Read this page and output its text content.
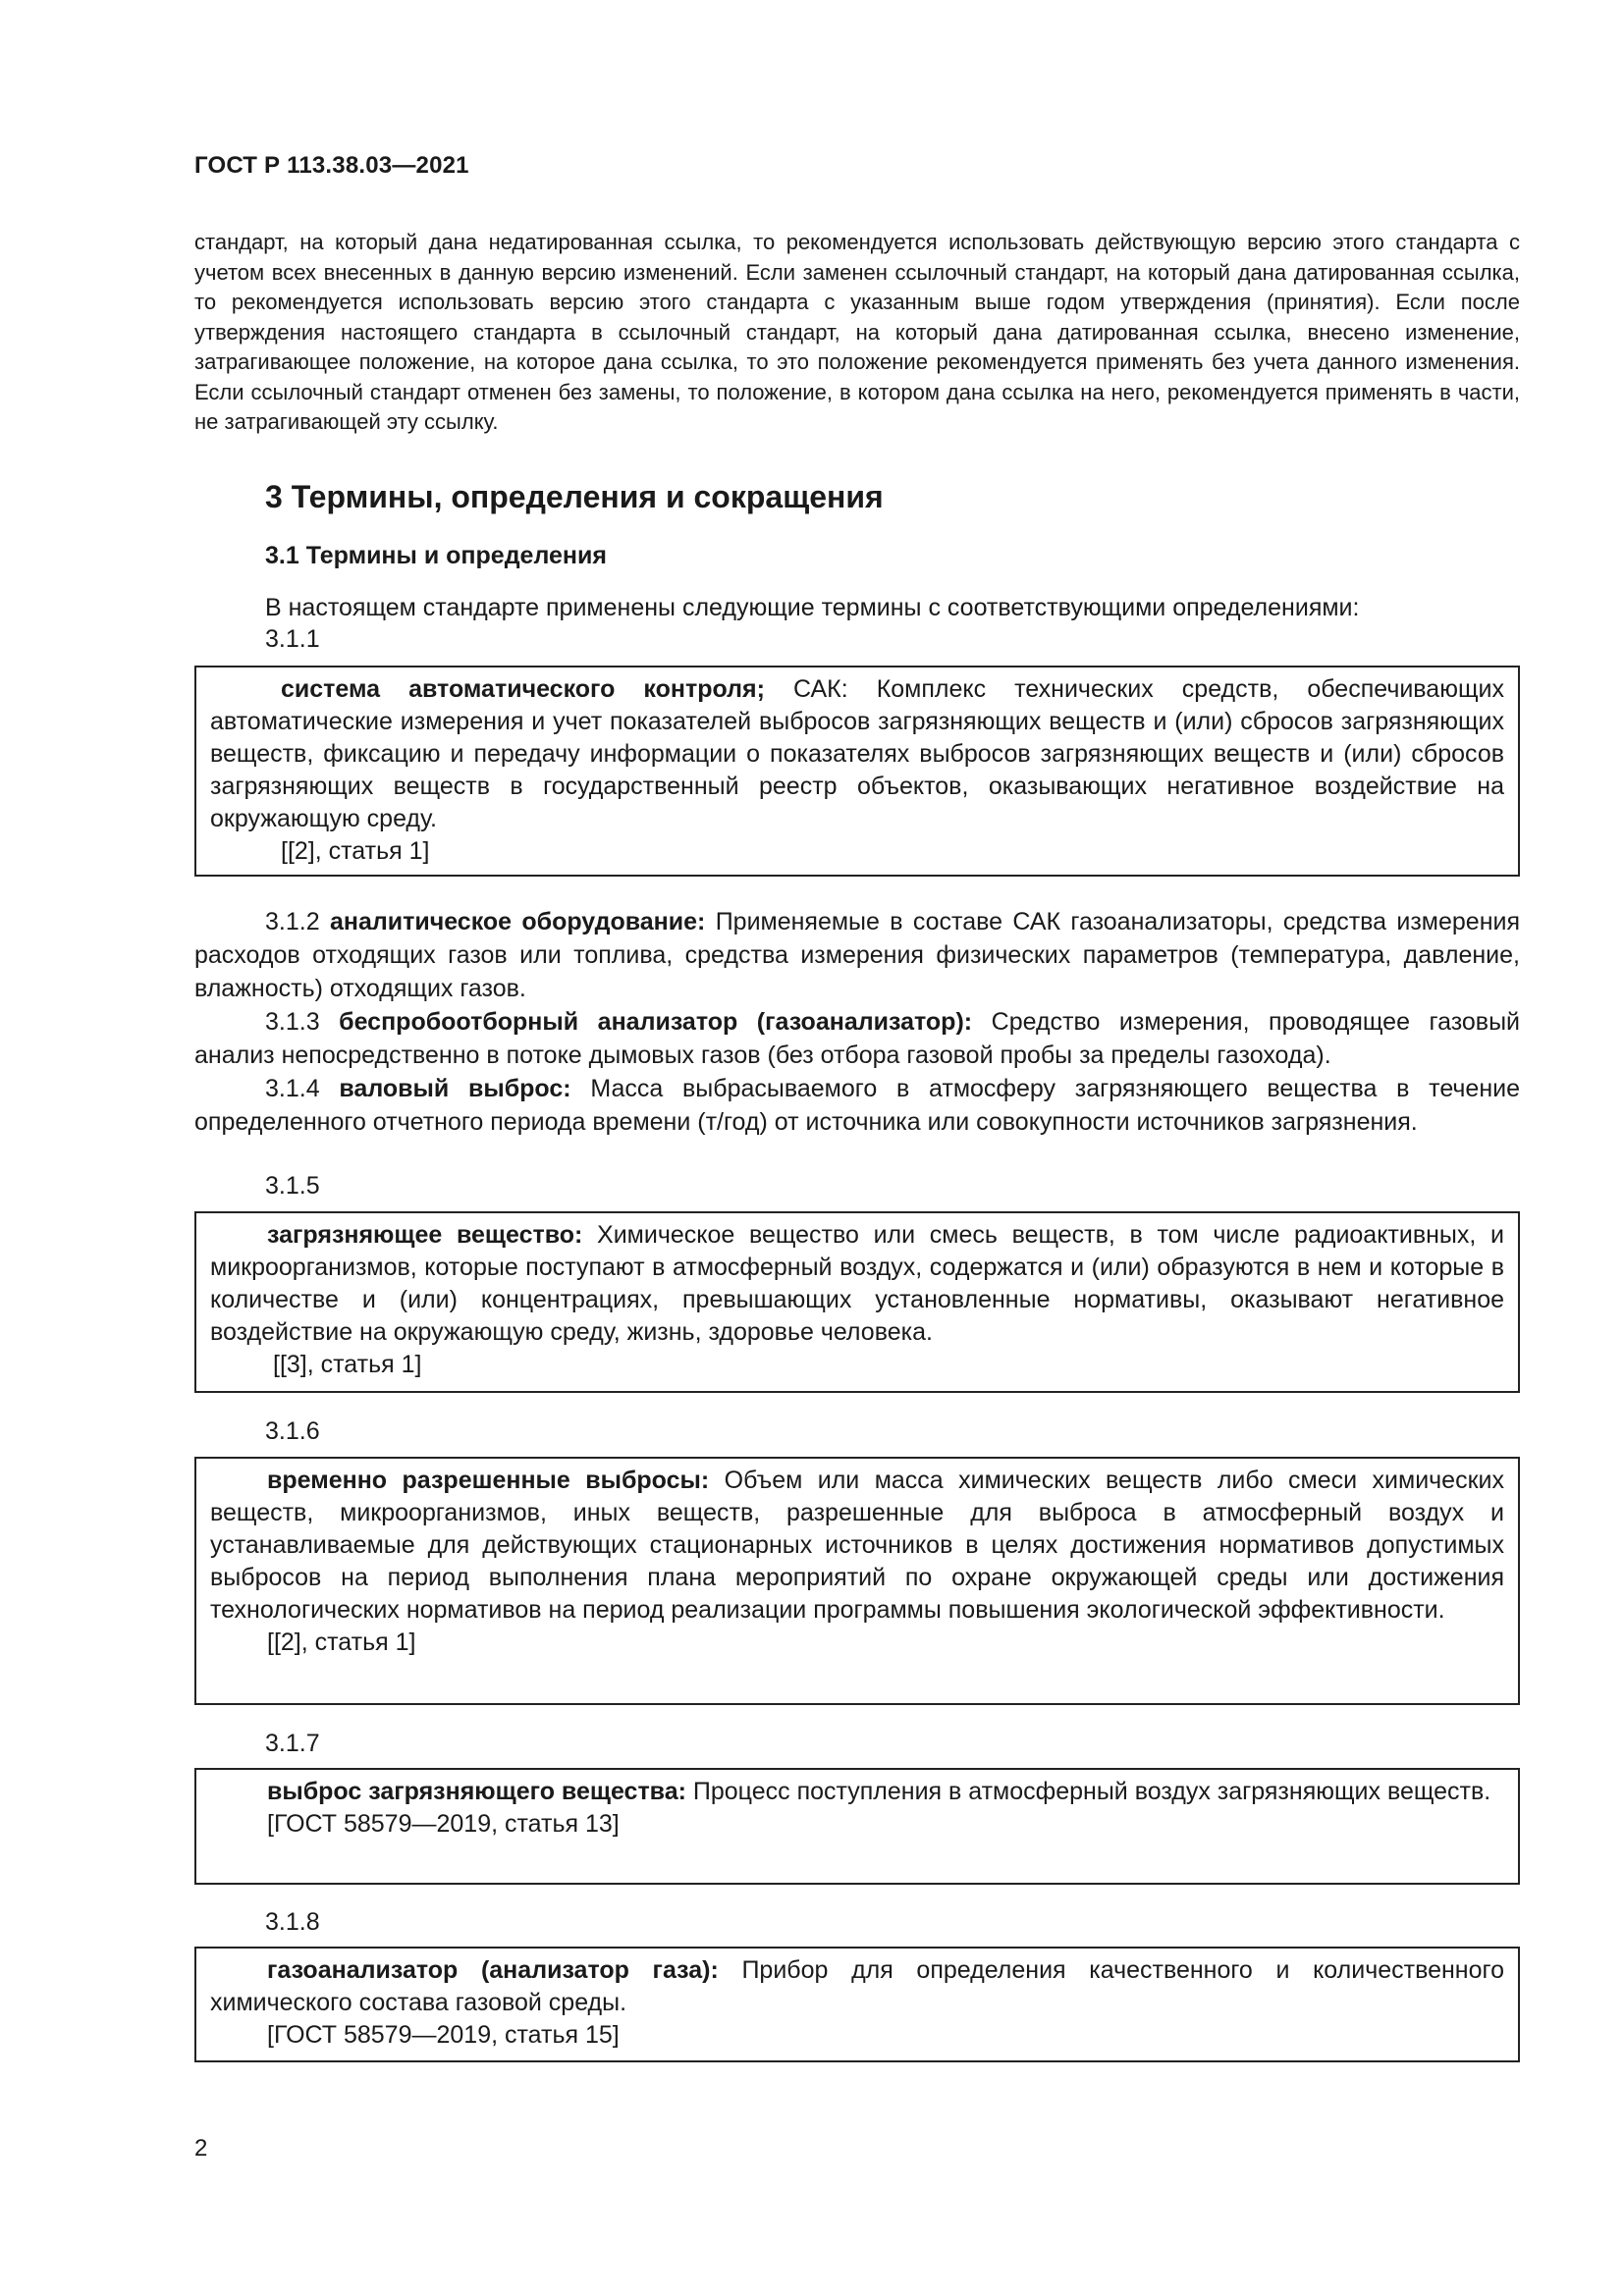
ГОСТ Р 113.38.03—2021
стандарт, на который дана недатированная ссылка, то рекомендуется использовать действующую версию этого стандарта с учетом всех внесенных в данную версию изменений. Если заменен ссылочный стандарт, на который дана датированная ссылка, то рекомендуется использовать версию этого стандарта с указанным выше годом утверждения (принятия). Если после утверждения настоящего стандарта в ссылочный стандарт, на который дана датированная ссылка, внесено изменение, затрагивающее положение, на которое дана ссылка, то это положение рекомендуется применять без учета данного изменения. Если ссылочный стандарт отменен без замены, то положение, в котором дана ссылка на него, рекомендуется применять в части, не затрагивающей эту ссылку.
3 Термины, определения и сокращения
3.1 Термины и определения
В настоящем стандарте применены следующие термины с соответствующими определениями:
3.1.1
система автоматического контроля; САК: Комплекс технических средств, обеспечивающих автоматические измерения и учет показателей выбросов загрязняющих веществ и (или) сбросов загрязняющих веществ, фиксацию и передачу информации о показателях выбросов загрязняющих веществ и (или) сбросов загрязняющих веществ в государственный реестр объектов, оказывающих негативное воздействие на окружающую среду.
[[2], статья 1]
3.1.2 аналитическое оборудование: Применяемые в составе САК газоанализаторы, средства измерения расходов отходящих газов или топлива, средства измерения физических параметров (температура, давление, влажность) отходящих газов.
3.1.3 беспробоотборный анализатор (газоанализатор): Средство измерения, проводящее газовый анализ непосредственно в потоке дымовых газов (без отбора газовой пробы за пределы газохода).
3.1.4 валовый выброс: Масса выбрасываемого в атмосферу загрязняющего вещества в течение определенного отчетного периода времени (т/год) от источника или совокупности источников загрязнения.
3.1.5
загрязняющее вещество: Химическое вещество или смесь веществ, в том числе радиоактивных, и микроорганизмов, которые поступают в атмосферный воздух, содержатся и (или) образуются в нем и которые в количестве и (или) концентрациях, превышающих установленные нормативы, оказывают негативное воздействие на окружающую среду, жизнь, здоровье человека.
[[3], статья 1]
3.1.6
временно разрешенные выбросы: Объем или масса химических веществ либо смеси химических веществ, микроорганизмов, иных веществ, разрешенные для выброса в атмосферный воздух и устанавливаемые для действующих стационарных источников в целях достижения нормативов допустимых выбросов на период выполнения плана мероприятий по охране окружающей среды или достижения технологических нормативов на период реализации программы повышения экологической эффективности.
[[2], статья 1]
3.1.7
выброс загрязняющего вещества: Процесс поступления в атмосферный воздух загрязняющих веществ.
[ГОСТ 58579—2019, статья 13]
3.1.8
газоанализатор (анализатор газа): Прибор для определения качественного и количественного химического состава газовой среды.
[ГОСТ 58579—2019, статья 15]
2
